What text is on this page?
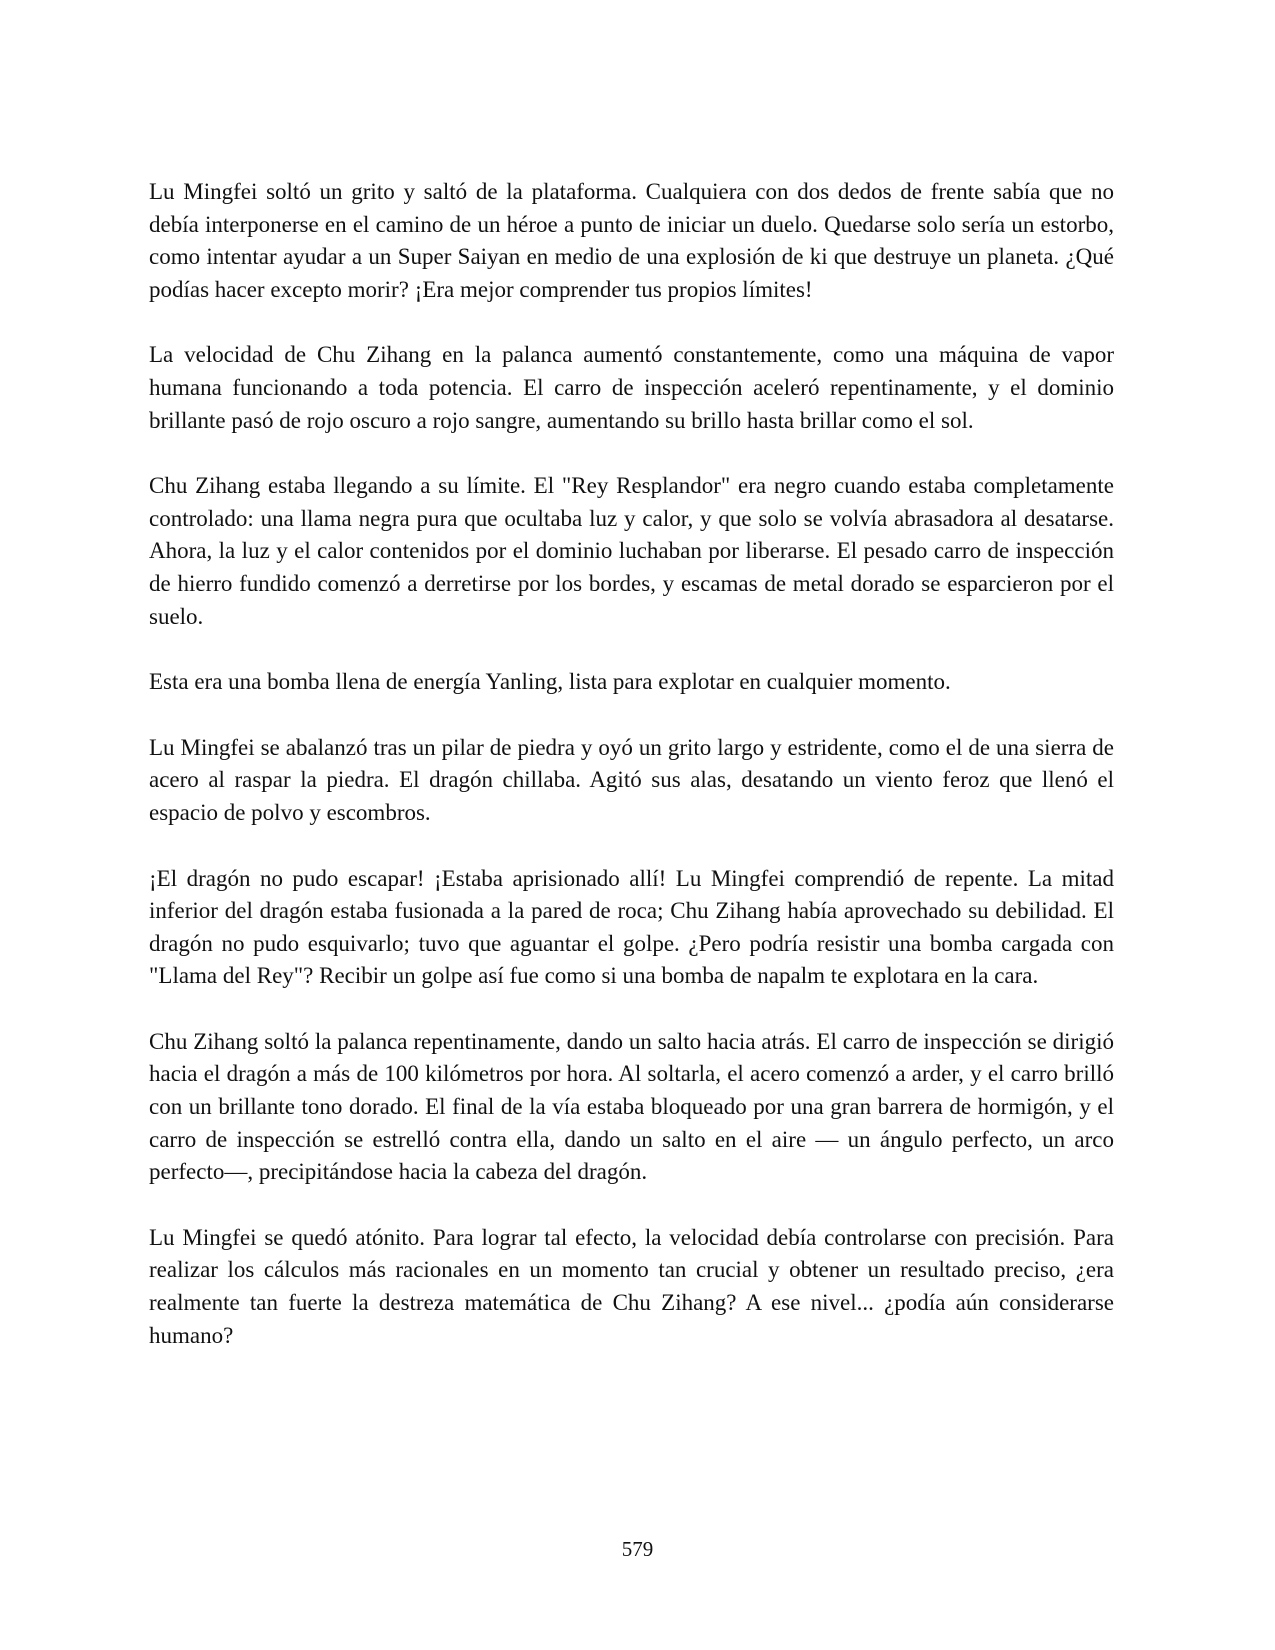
Lu Mingfei soltó un grito y saltó de la plataforma. Cualquiera con dos dedos de frente sabía que no debía interponerse en el camino de un héroe a punto de iniciar un duelo. Quedarse solo sería un estorbo, como intentar ayudar a un Super Saiyan en medio de una explosión de ki que destruye un planeta. ¿Qué podías hacer excepto morir? ¡Era mejor comprender tus propios límites!

La velocidad de Chu Zihang en la palanca aumentó constantemente, como una máquina de vapor humana funcionando a toda potencia. El carro de inspección aceleró repentinamente, y el dominio brillante pasó de rojo oscuro a rojo sangre, aumentando su brillo hasta brillar como el sol.

Chu Zihang estaba llegando a su límite. El "Rey Resplandor" era negro cuando estaba completamente controlado: una llama negra pura que ocultaba luz y calor, y que solo se volvía abrasadora al desatarse. Ahora, la luz y el calor contenidos por el dominio luchaban por liberarse. El pesado carro de inspección de hierro fundido comenzó a derretirse por los bordes, y escamas de metal dorado se esparcieron por el suelo.

Esta era una bomba llena de energía Yanling, lista para explotar en cualquier momento.

Lu Mingfei se abalanzó tras un pilar de piedra y oyó un grito largo y estridente, como el de una sierra de acero al raspar la piedra. El dragón chillaba. Agitó sus alas, desatando un viento feroz que llenó el espacio de polvo y escombros.

¡El dragón no pudo escapar! ¡Estaba aprisionado allí! Lu Mingfei comprendió de repente. La mitad inferior del dragón estaba fusionada a la pared de roca; Chu Zihang había aprovechado su debilidad. El dragón no pudo esquivarlo; tuvo que aguantar el golpe. ¿Pero podría resistir una bomba cargada con "Llama del Rey"? Recibir un golpe así fue como si una bomba de napalm te explotara en la cara.

Chu Zihang soltó la palanca repentinamente, dando un salto hacia atrás. El carro de inspección se dirigió hacia el dragón a más de 100 kilómetros por hora. Al soltarla, el acero comenzó a arder, y el carro brilló con un brillante tono dorado. El final de la vía estaba bloqueado por una gran barrera de hormigón, y el carro de inspección se estrelló contra ella, dando un salto en el aire — un ángulo perfecto, un arco perfecto—, precipitándose hacia la cabeza del dragón.

Lu Mingfei se quedó atónito. Para lograr tal efecto, la velocidad debía controlarse con precisión. Para realizar los cálculos más racionales en un momento tan crucial y obtener un resultado preciso, ¿era realmente tan fuerte la destreza matemática de Chu Zihang? A ese nivel... ¿podía aún considerarse humano?

579
